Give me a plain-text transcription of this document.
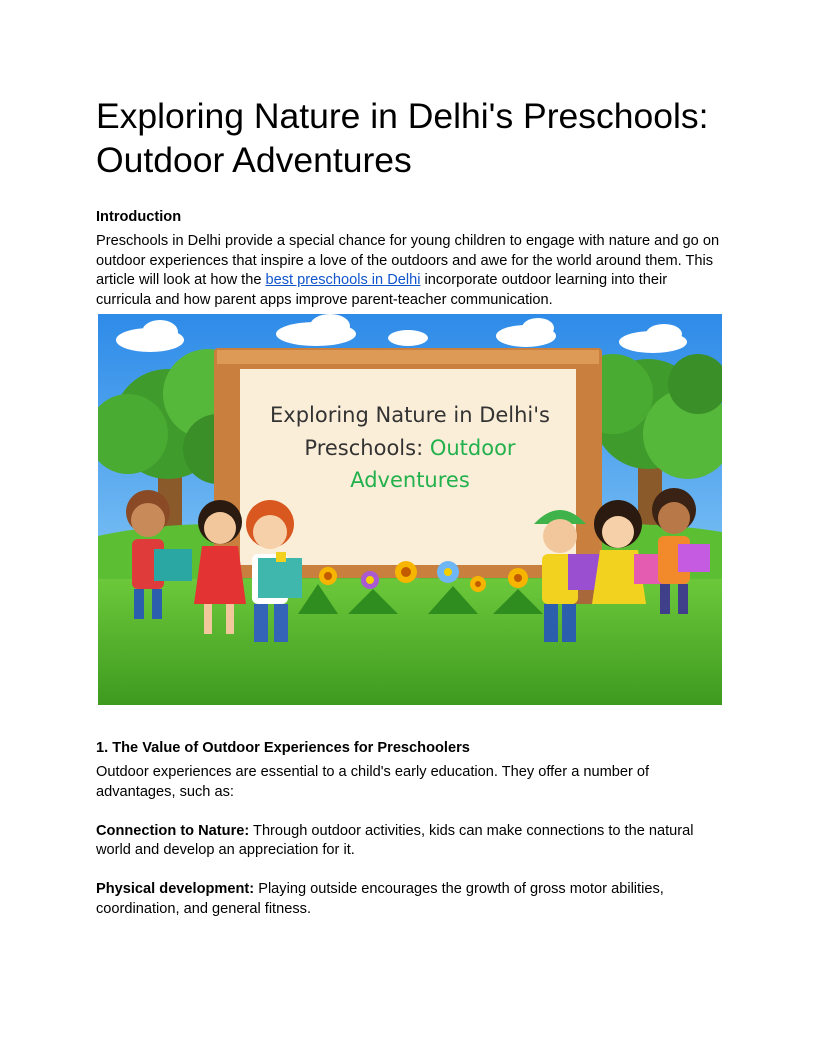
Exploring Nature in Delhi's Preschools: Outdoor Adventures
Introduction

Preschools in Delhi provide a special chance for young children to engage with nature and go on outdoor experiences that inspire a love of the outdoors and awe for the world around them. This article will look at how the best preschools in Delhi incorporate outdoor learning into their curricula and how parent apps improve parent-teacher communication.

Exploring Nature in Delhi's
Preschools: Outdoor
Adventures
1. The Value of Outdoor Experiences for Preschoolers

Outdoor experiences are essential to a child's early education. They offer a number of advantages, such as:

Connection to Nature: Through outdoor activities, kids can make connections to the natural world and develop an appreciation for it.

Physical development: Playing outside encourages the growth of gross motor abilities, coordination, and general fitness.
